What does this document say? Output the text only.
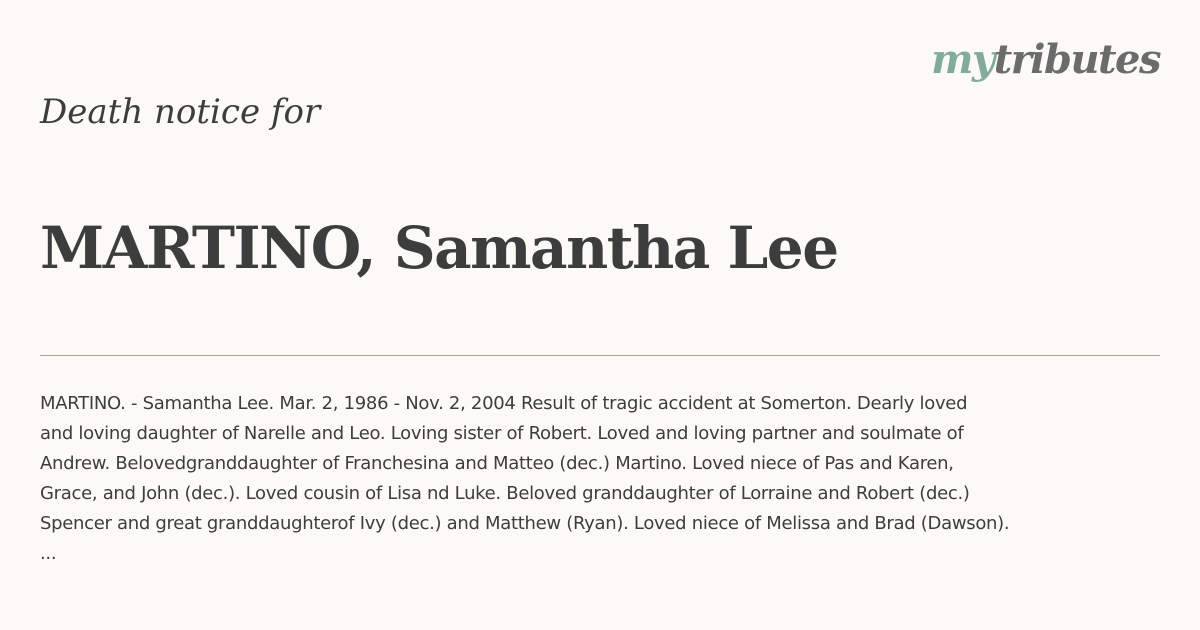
mytributes
Death notice for
MARTINO, Samantha Lee
MARTINO. - Samantha Lee. Mar. 2, 1986 - Nov. 2, 2004 Result of tragic accident at Somerton. Dearly loved
and loving daughter of Narelle and Leo. Loving sister of Robert. Loved and loving partner and soulmate of
Andrew. Belovedgranddaughter of Franchesina and Matteo (dec.) Martino. Loved niece of Pas and Karen,
Grace, and John (dec.). Loved cousin of Lisa nd Luke. Beloved granddaughter of Lorraine and Robert (dec.)
Spencer and great granddaughterof Ivy (dec.) and Matthew (Ryan). Loved niece of Melissa and Brad (Dawson).
...
